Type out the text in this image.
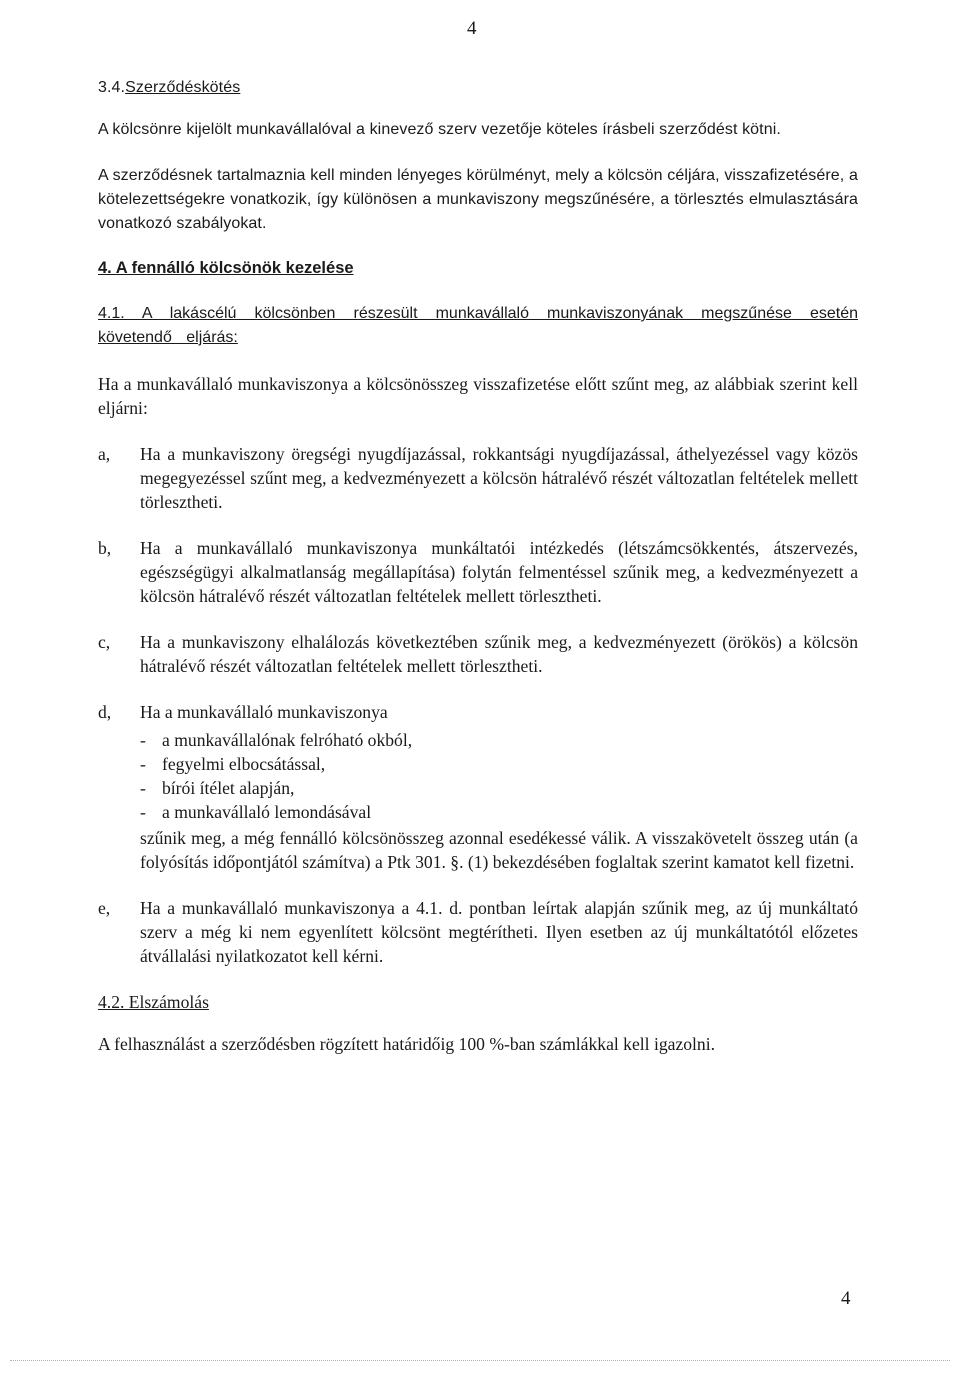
4
3.4.Szerződéskötés

A kölcsönre kijelölt munkavállalóval a kinevező szerv vezetője köteles írásbeli szerződést kötni.

A szerződésnek tartalmaznia kell minden lényeges körülményt, mely a kölcsön céljára, visszafizetésére, a kötelezettségekre vonatkozik, így különösen a munkaviszony megszűnésére, a törlesztés elmulasztására vonatkozó szabályokat.

4. A fennálló kölcsönök kezelése
4.1. A lakáscélú kölcsönben részesült munkavállaló munkaviszonyának megszűnése esetén követendő eljárás:

Ha a munkavállaló munkaviszonya a kölcsönösszeg visszafizetése előtt szűnt meg, az alábbiak szerint kell eljárni:

a,	Ha a munkaviszony öregségi nyugdíjazással, rokkantsági nyugdíjazással, áthelyezéssel vagy közös megegyezéssel szűnt meg, a kedvezményezett a kölcsön hátralévő részét változatlan feltételek mellett törlesztheti.
b,	Ha a munkavállaló munkaviszonya munkáltatói intézkedés (létszámcsökkentés, átszervezés, egészségügyi alkalmatlanság megállapítása) folytán felmentéssel szűnik meg, a kedvezményezett a kölcsön hátralévő részét változatlan feltételek mellett törlesztheti.
c,	Ha a munkaviszony elhalálozás következtében szűnik meg, a kedvezményezett (örökös) a kölcsön hátralévő részét változatlan feltételek mellett törlesztheti.
d,	Ha a munkavállaló munkaviszonya
- a munkavállalónak felróható okból,
- fegyelmi elbocsátással,
- bírói ítélet alapján,
- a munkavállaló lemondásával
szűnik meg, a még fennálló kölcsönösszeg azonnal esedékessé válik. A visszakövetelt összeg után (a folyósítás időpontjától számítva) a Ptk 301. §. (1) bekezdésében foglaltak szerint kamatot kell fizetni.
e,	Ha a munkavállaló munkaviszonya a 4.1. d. pontban leírtak alapján szűnik meg, az új munkáltató szerv a még ki nem egyenlített kölcsönt megtérítheti. Ilyen esetben az új munkáltatótól előzetes átvállalási nyilatkozatot kell kérni.
4.2. Elszámolás

A felhasználást a szerződésben rögzített határidőig 100 %-ban számlákkal kell igazolni.

4
